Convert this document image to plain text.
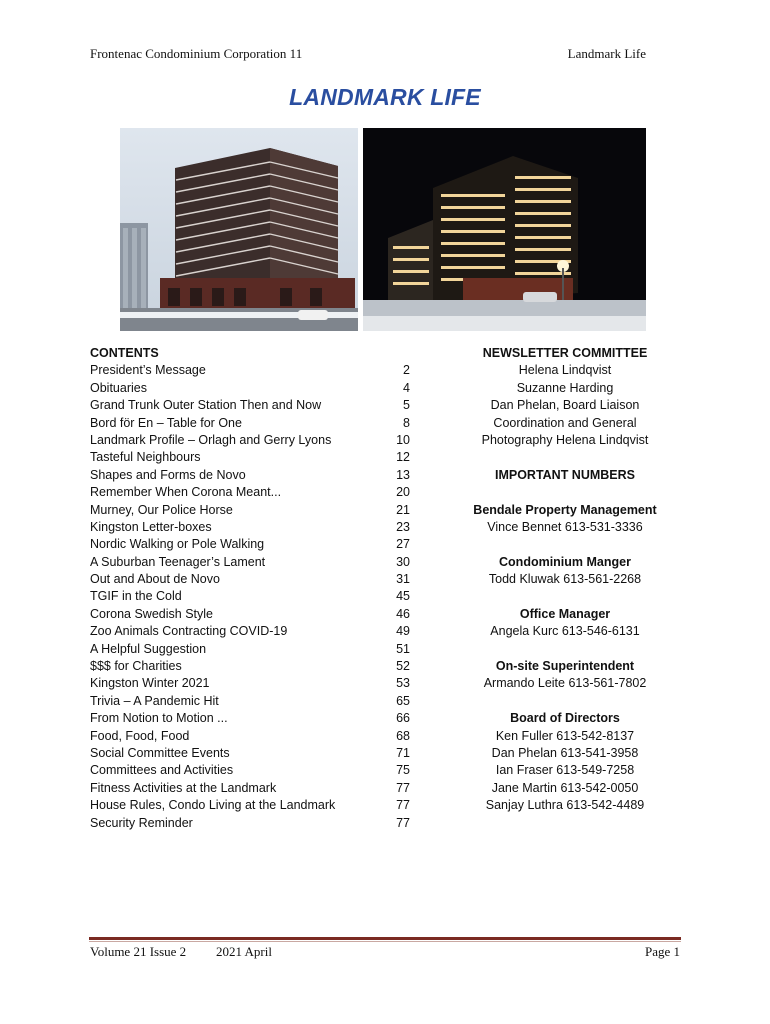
Frontenac Condominium Corporation 11	Landmark Life
LANDMARK LIFE
CONTENTS
President’s Message	2
Obituaries	4
Grand Trunk Outer Station Then and Now	5
Bord för En – Table for One	8
Landmark Profile – Orlagh and Gerry Lyons	10
Tasteful Neighbours	12
Shapes and Forms de Novo	13
Remember When Corona Meant...	20
Murney, Our Police Horse	21
Kingston Letter-boxes	23
Nordic Walking or Pole Walking	27
A Suburban Teenager’s Lament	30
Out and About de Novo	31
TGIF in the Cold	45
Corona Swedish Style	46
Zoo Animals Contracting COVID-19	49
A Helpful Suggestion	51
$$$ for Charities	52
Kingston Winter 2021	53
Trivia – A Pandemic Hit	65
From Notion to Motion ...	66
Food, Food, Food	68
Social Committee Events	71
Committees and Activities	75
Fitness Activities at the Landmark	77
House Rules, Condo Living at the Landmark	77
Security Reminder	77
NEWSLETTER COMMITTEE
Helena Lindqvist
Suzanne Harding
Dan Phelan, Board Liaison
Coordination and General
Photography Helena Lindqvist
IMPORTANT NUMBERS
Bendale Property Management
Vince Bennet 613-531-3336
Condominium Manger
Todd Kluwak 613-561-2268
Office Manager
Angela Kurc 613-546-6131
On-site Superintendent
Armando Leite 613-561-7802
Board of Directors
Ken Fuller 613-542-8137
Dan Phelan 613-541-3958
Ian Fraser 613-549-7258
Jane Martin 613-542-0050
Sanjay Luthra 613-542-4489
Volume 21 Issue 2 2021 April	Page 1
